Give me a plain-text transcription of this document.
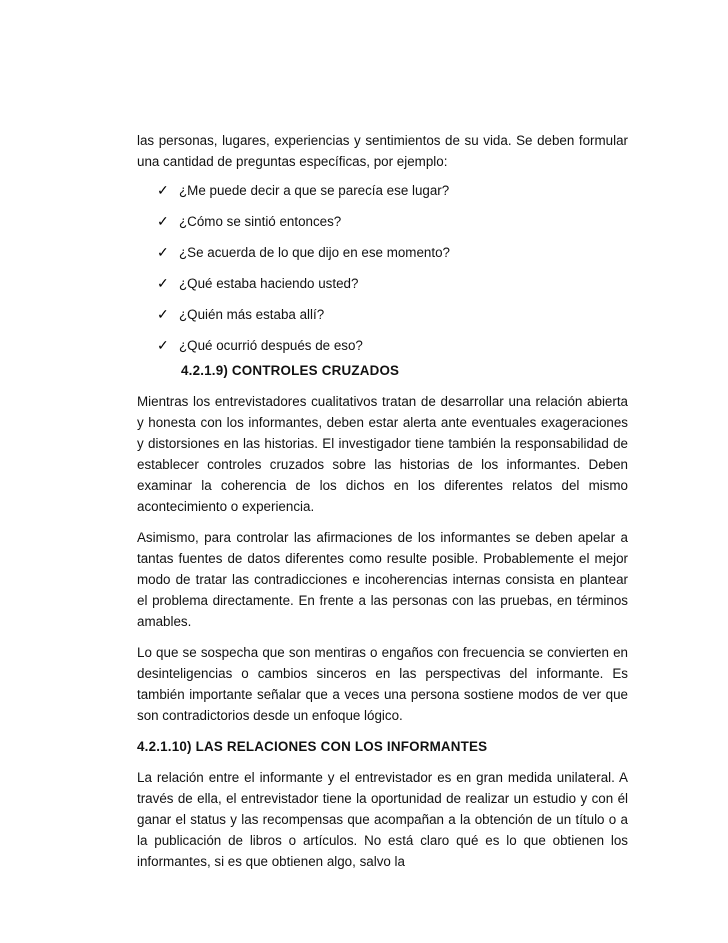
las personas, lugares, experiencias y sentimientos de su vida. Se deben formular una cantidad de preguntas específicas, por ejemplo:

✓ ¿Me puede decir a que se parecía ese lugar?
✓ ¿Cómo se sintió entonces?
✓ ¿Se acuerda de lo que dijo en ese momento?
✓ ¿Qué estaba haciendo usted?
✓ ¿Quién más estaba allí?
✓ ¿Qué ocurrió después de eso?
4.2.1.9) CONTROLES CRUZADOS

Mientras los entrevistadores cualitativos tratan de desarrollar una relación abierta y honesta con los informantes, deben estar alerta ante eventuales exageraciones y distorsiones en las historias. El investigador tiene también la responsabilidad de establecer controles cruzados sobre las historias de los informantes. Deben examinar la coherencia de los dichos en los diferentes relatos del mismo acontecimiento o experiencia.

Asimismo, para controlar las afirmaciones de los informantes se deben apelar a tantas fuentes de datos diferentes como resulte posible. Probablemente el mejor modo de tratar las contradicciones e incoherencias internas consista en plantear el problema directamente. En frente a las personas con las pruebas, en términos amables.

Lo que se sospecha que son mentiras o engaños con frecuencia se convierten en desinteligencias o cambios sinceros en las perspectivas del informante. Es también importante señalar que a veces una persona sostiene modos de ver que son contradictorios desde un enfoque lógico.

4.2.1.10) LAS RELACIONES CON LOS INFORMANTES

La relación entre el informante y el entrevistador es en gran medida unilateral. A través de ella, el entrevistador tiene la oportunidad de realizar un estudio y con él ganar el status y las recompensas que acompañan a la obtención de un título o a la publicación de libros o artículos. No está claro qué es lo que obtienen los informantes, si es que obtienen algo, salvo la
